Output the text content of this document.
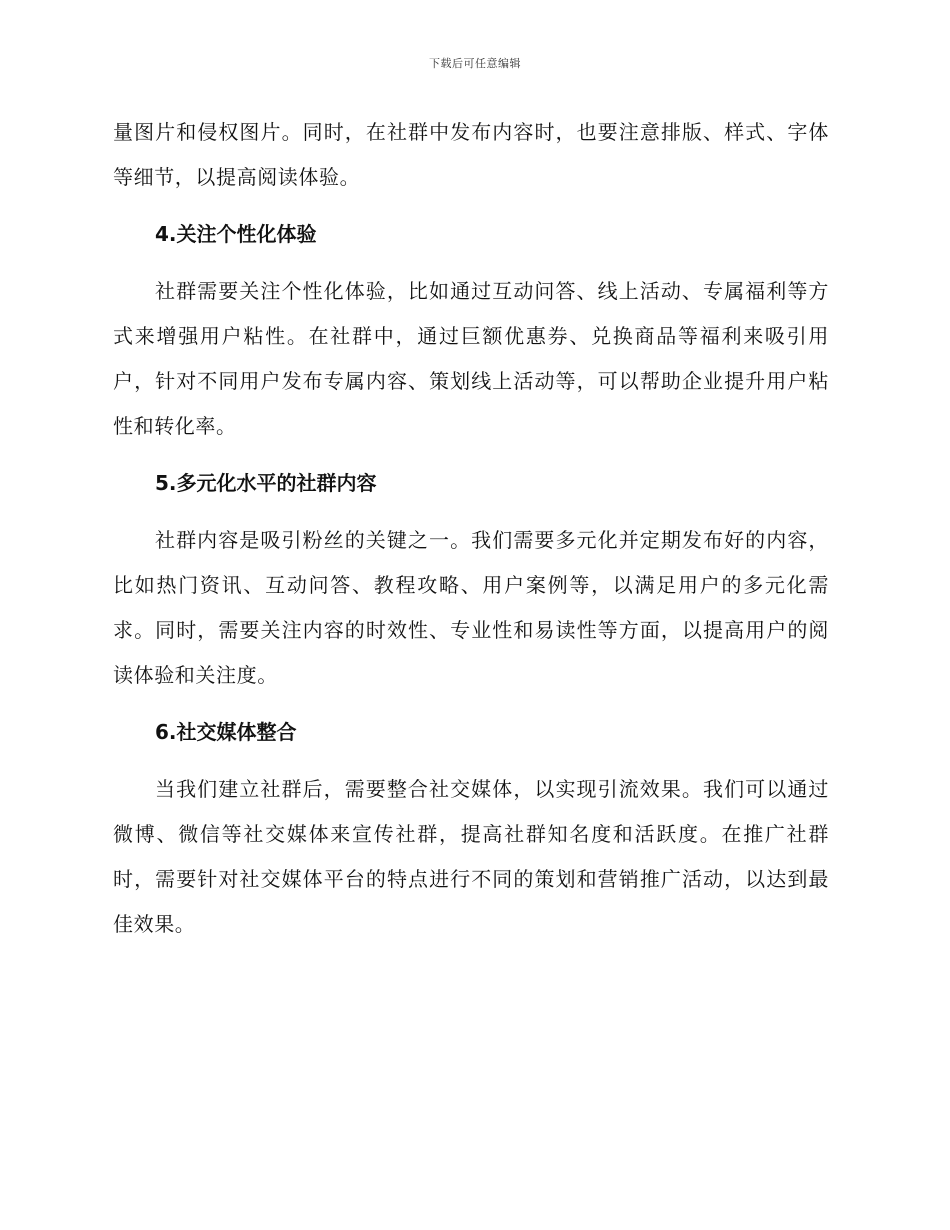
下载后可任意编辑

量图片和侵权图片。同时，在社群中发布内容时，也要注意排版、样式、字体等细节，以提高阅读体验。

4.关注个性化体验

社群需要关注个性化体验，比如通过互动问答、线上活动、专属福利等方式来增强用户粘性。在社群中，通过巨额优惠券、兑换商品等福利来吸引用户，针对不同用户发布专属内容、策划线上活动等，可以帮助企业提升用户粘性和转化率。

5.多元化水平的社群内容

社群内容是吸引粉丝的关键之一。我们需要多元化并定期发布好的内容，比如热门资讯、互动问答、教程攻略、用户案例等，以满足用户的多元化需求。同时，需要关注内容的时效性、专业性和易读性等方面，以提高用户的阅读体验和关注度。

6.社交媒体整合

当我们建立社群后，需要整合社交媒体，以实现引流效果。我们可以通过微博、微信等社交媒体来宣传社群，提高社群知名度和活跃度。在推广社群时，需要针对社交媒体平台的特点进行不同的策划和营销推广活动，以达到最佳效果。
